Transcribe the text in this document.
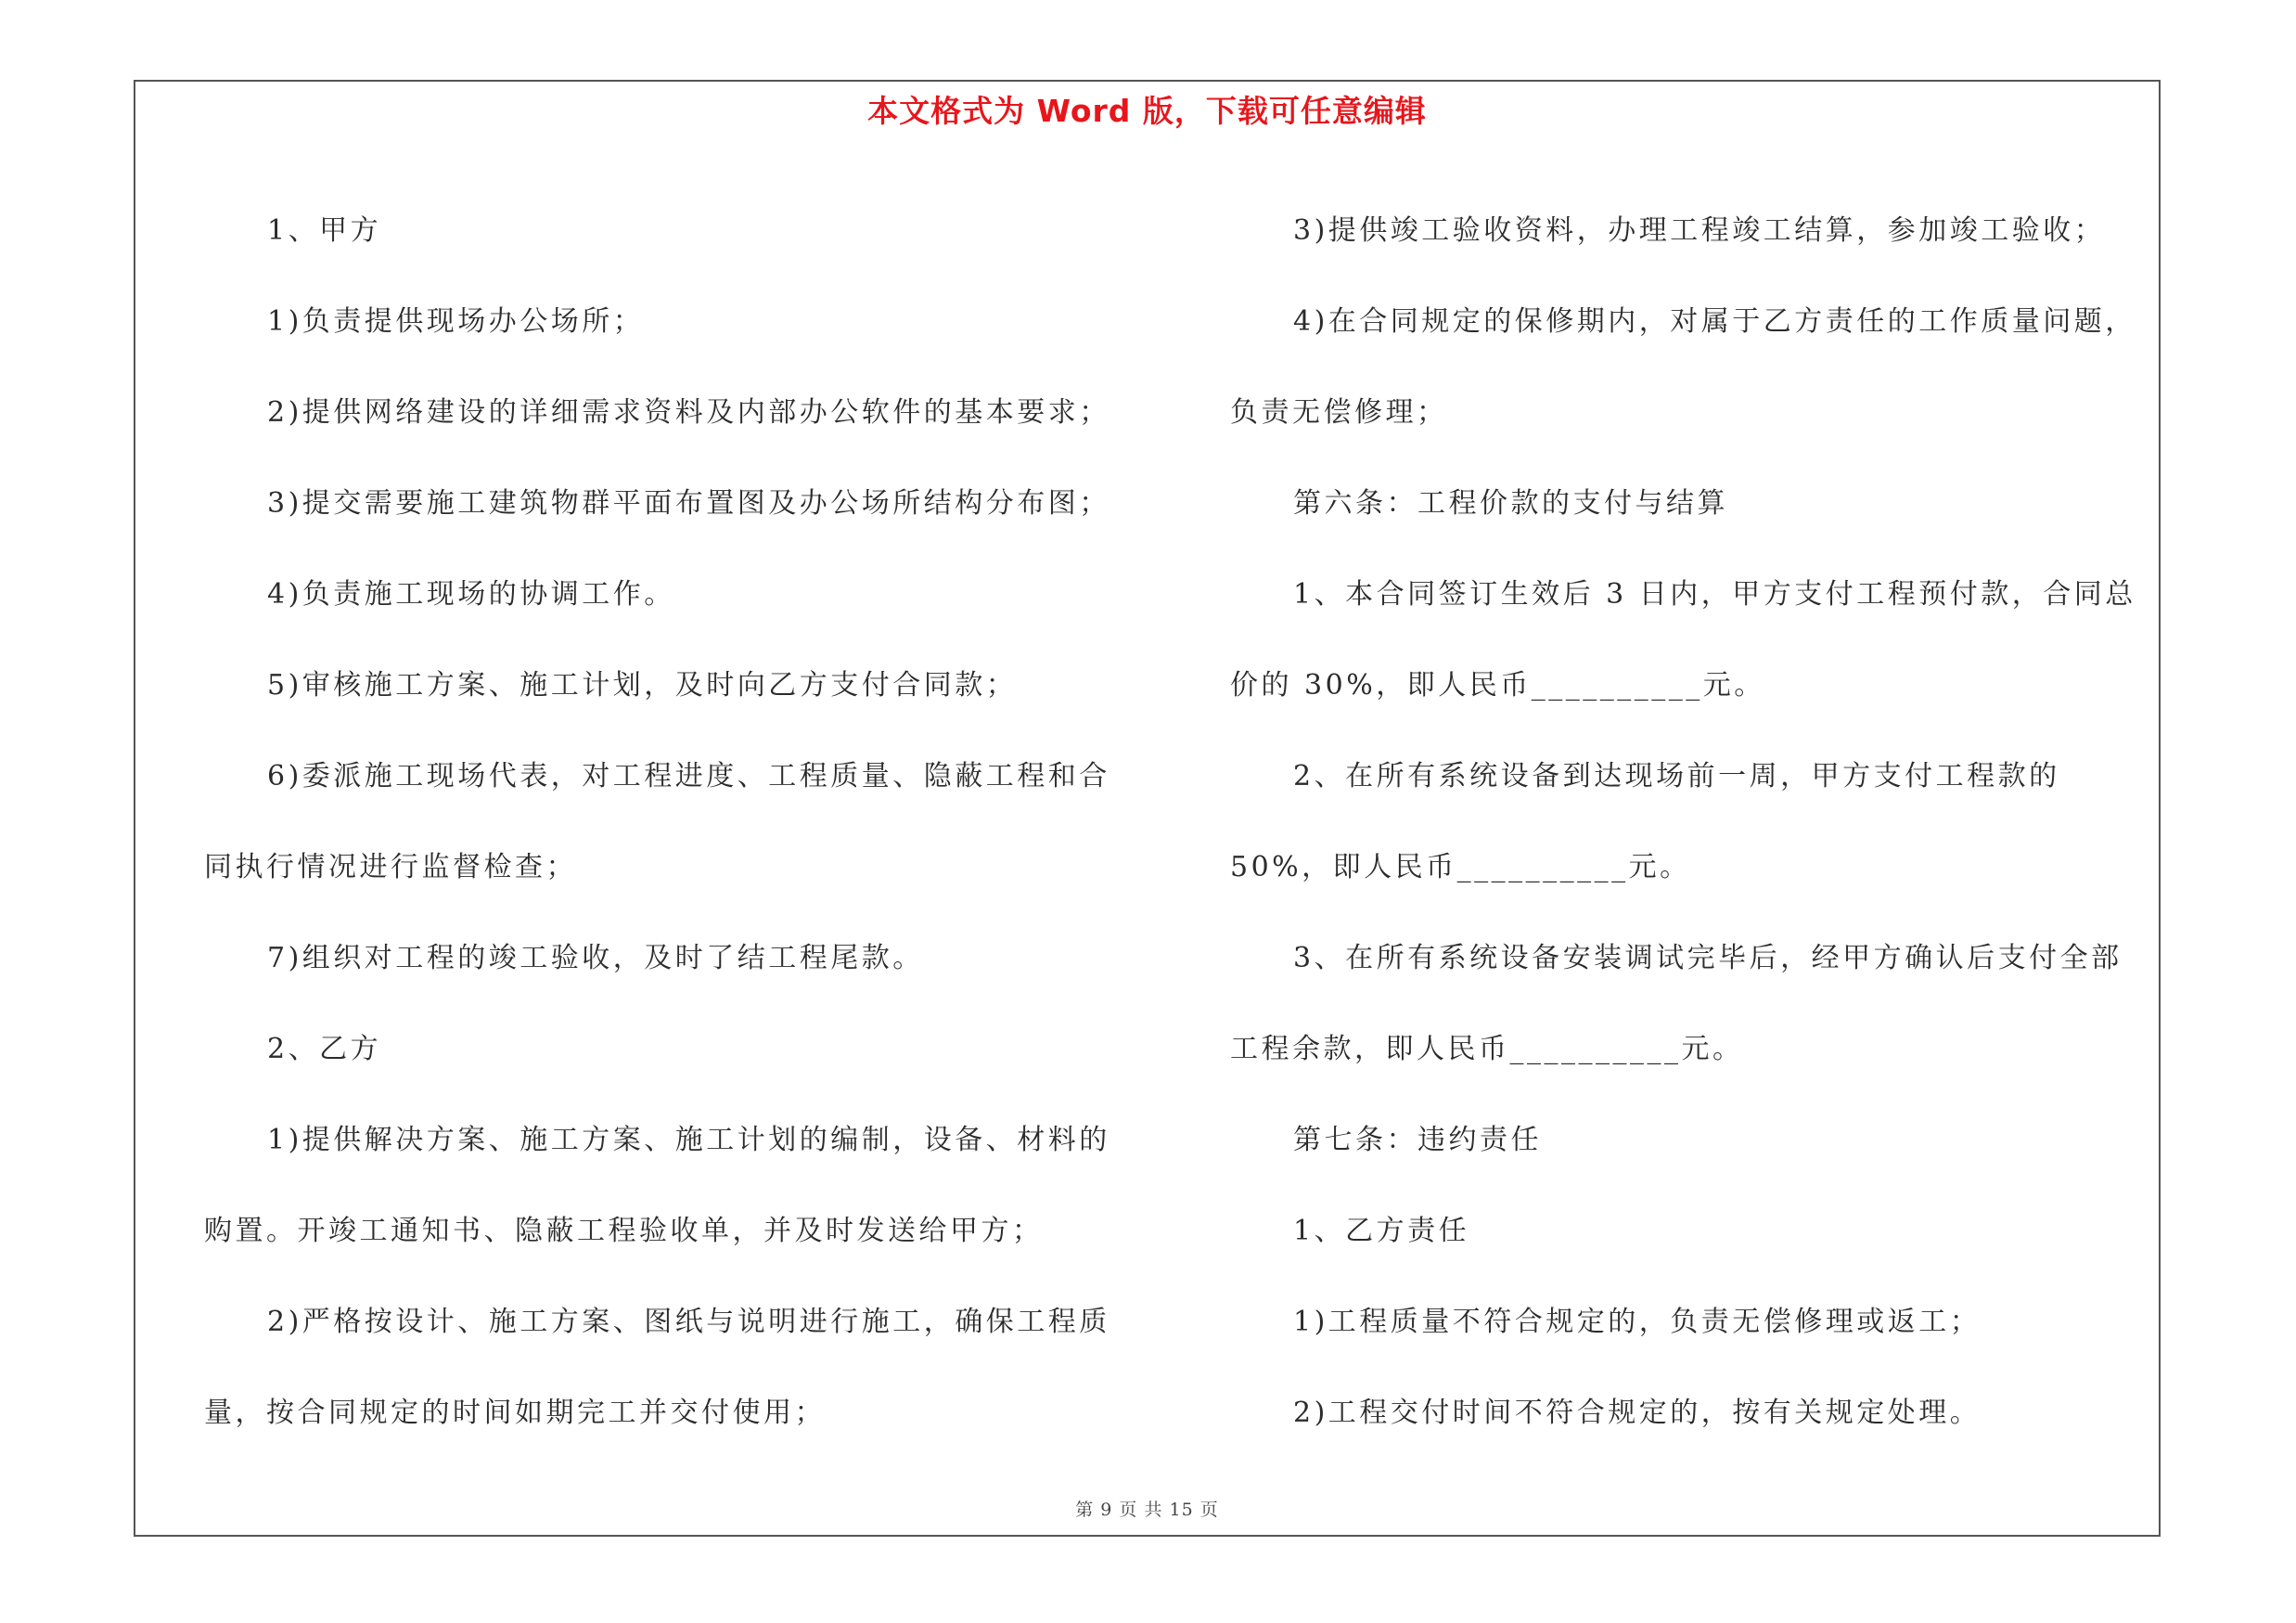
本文格式为 Word 版，下载可任意编辑

1、甲方

1)负责提供现场办公场所；

2)提供网络建设的详细需求资料及内部办公软件的基本要求；

3)提交需要施工建筑物群平面布置图及办公场所结构分布图；

4)负责施工现场的协调工作。

5)审核施工方案、施工计划，及时向乙方支付合同款；

6)委派施工现场代表，对工程进度、工程质量、隐蔽工程和合同执行情况进行监督检查；

7)组织对工程的竣工验收，及时了结工程尾款。

2、乙方

1)提供解决方案、施工方案、施工计划的编制，设备、材料的购置。开竣工通知书、隐蔽工程验收单，并及时发送给甲方；

2)严格按设计、施工方案、图纸与说明进行施工，确保工程质量，按合同规定的时间如期完工并交付使用；

3)提供竣工验收资料，办理工程竣工结算，参加竣工验收；

4)在合同规定的保修期内，对属于乙方责任的工作质量问题，负责无偿修理；

第六条：工程价款的支付与结算

1、本合同签订生效后 3 日内，甲方支付工程预付款，合同总价的 30%，即人民币__________元。

2、在所有系统设备到达现场前一周，甲方支付工程款的 50%，即人民币__________元。

3、在所有系统设备安装调试完毕后，经甲方确认后支付全部工程余款，即人民币__________元。

第七条：违约责任

1、乙方责任

1)工程质量不符合规定的，负责无偿修理或返工；

2)工程交付时间不符合规定的，按有关规定处理。

第 9 页 共 15 页
